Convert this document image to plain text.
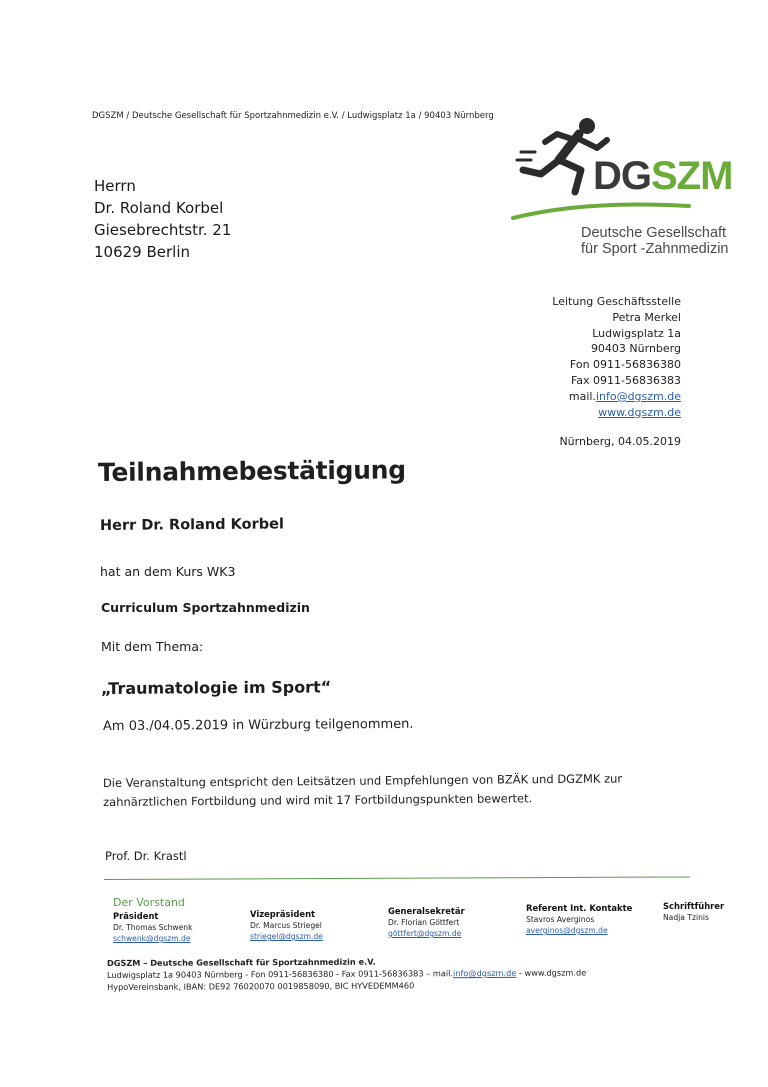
DGSZM / Deutsche Gesellschaft für Sportzahnmedizin e.V. / Ludwigsplatz 1a / 90403 Nürnberg
Herrn
Dr. Roland Korbel
Giesebrechtstr. 21
10629 Berlin
DGSZM
Deutsche Gesellschaft
für Sport -Zahnmedizin
Leitung Geschäftsstelle
Petra Merkel
Ludwigsplatz 1a
90403 Nürnberg
Fon 0911-56836380
Fax 0911-56836383
mail.info@dgszm.de
www.dgszm.de
Nürnberg, 04.05.2019
Teilnahmebestätigung
Herr Dr. Roland Korbel
hat an dem Kurs WK3
Curriculum Sportzahnmedizin
Mit dem Thema:
„Traumatologie im Sport“
Am 03./04.05.2019 in Würzburg teilgenommen.
Die Veranstaltung entspricht den Leitsätzen und Empfehlungen von BZÄK und DGZMK zur
zahnärztlichen Fortbildung und wird mit 17 Fortbildungspunkten bewertet.
Prof. Dr. Krastl
Der Vorstand
Präsident
Dr. Thomas Schwenk
schwenk@dgszm.de
Vizepräsident
Dr. Marcus Striegel
striegel@dgszm.de
Generalsekretär
Dr. Florian Göttfert
göttfert@dgszm.de
Referent Int. Kontakte
Stavros Averginos
averginos@dgszm.de
Schriftführer
Nadja Tzinis
DGSZM – Deutsche Gesellschaft für Sportzahnmedizin e.V.
Ludwigsplatz 1a 90403 Nürnberg - Fon 0911-56836380 - Fax 0911-56836383 – mail.info@dgszm.de - www.dgszm.de
HypoVereinsbank, IBAN: DE92 76020070 0019858090, BIC HYVEDEMM460
